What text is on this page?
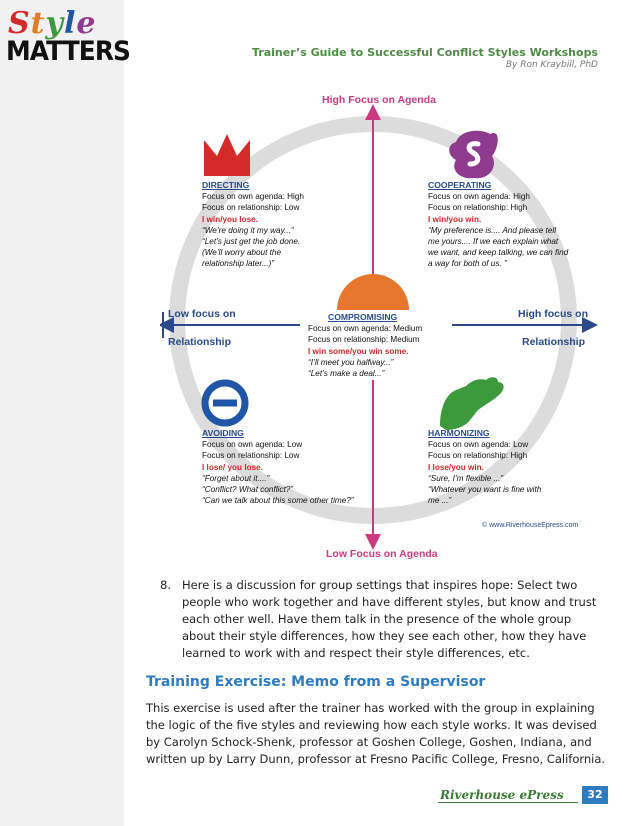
Style
MATTERS	Trainer’s Guide to Successful Conflict Styles Workshops
By Ron Kraybill, PhD
High Focus on Agenda
Low Focus on Agenda
Low focus on
Relationship
High focus on
Relationship
DIRECTING
Focus on own agenda: High
Focus on relationship: Low
I win/you lose.
“We’re doing it my way...”
“Let’s just get the job done.
(We’ll worry about the
relationship later...)”
COOPERATING
Focus on own agenda: High
Focus on relationship: High
I win/you win.
“My preference is.... And please tell
me yours.... If we each explain what
we want, and keep talking, we can find
a way for both of us. ”
COMPROMISING
Focus on own agenda: Medium
Focus on relationship: Medium
I win some/you win some.
“I’ll meet you halfway...”
“Let’s make a deal...”
AVOIDING
Focus on own agenda: Low
Focus on relationship: Low
I lose/ you lose.
“Forget about it....”
“Conflict? What conflict?”
“Can we talk about this some other time?”
HARMONIZING
Focus on own agenda: Low
Focus on relationship: High
I lose/you win.
“Sure, I’m flexible ...”
“Whatever you want is fine with
me ...”
© www.RiverhouseEpress.com
8. Here is a discussion for group settings that inspires hope: Select two people who work together and have different styles, but know and trust each other well. Have them talk in the presence of the whole group about their style differences, how they see each other, how they have learned to work with and respect their style differences, etc.
Training Exercise: Memo from a Supervisor
This exercise is used after the trainer has worked with the group in explaining the logic of the five styles and reviewing how each style works. It was devised by Carolyn Schock-Shenk, professor at Goshen College, Goshen, Indiana, and written up by Larry Dunn, professor at Fresno Pacific College, Fresno, California.
Riverhouse ePress	32
